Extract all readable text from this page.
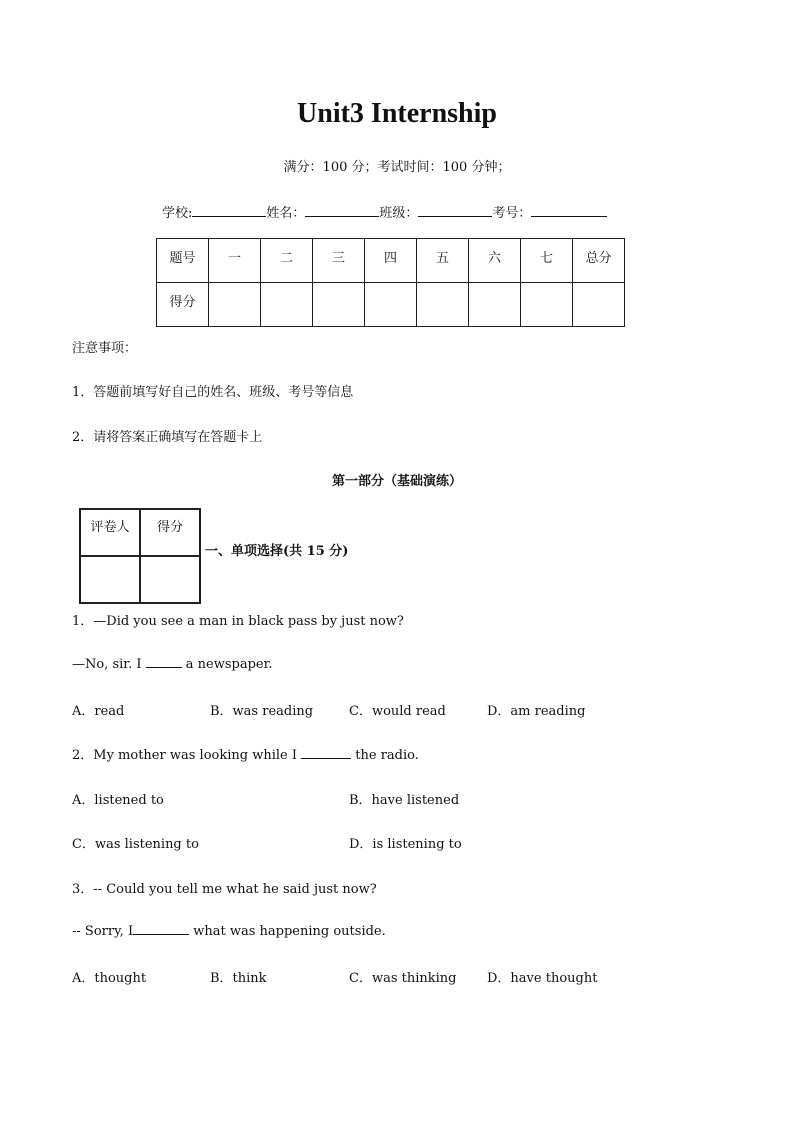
Unit3 Internship
满分：100 分；考试时间：100 分钟；
学校:	姓名：	班级：	考号：
题号	一	二	三	四	五	六	七	总分
得分								
注意事项：
1．答题前填写好自己的姓名、班级、考号等信息
2．请将答案正确填写在答题卡上
第一部分（基础演练）
评卷人	得分

一、单项选择(共 15 分)
1．—Did you see a man in black pass by just now?
—No, sir. I	a newspaper.
A．read	B．was reading	C．would read	D．am reading
2．My mother was looking while I	the radio.
A．listened to	B．have listened
C．was listening to	D．is listening to
3．-- Could you tell me what he said just now?
-- Sorry, I	what was happening outside.
A．thought	B．think	C．was thinking D．have thought
